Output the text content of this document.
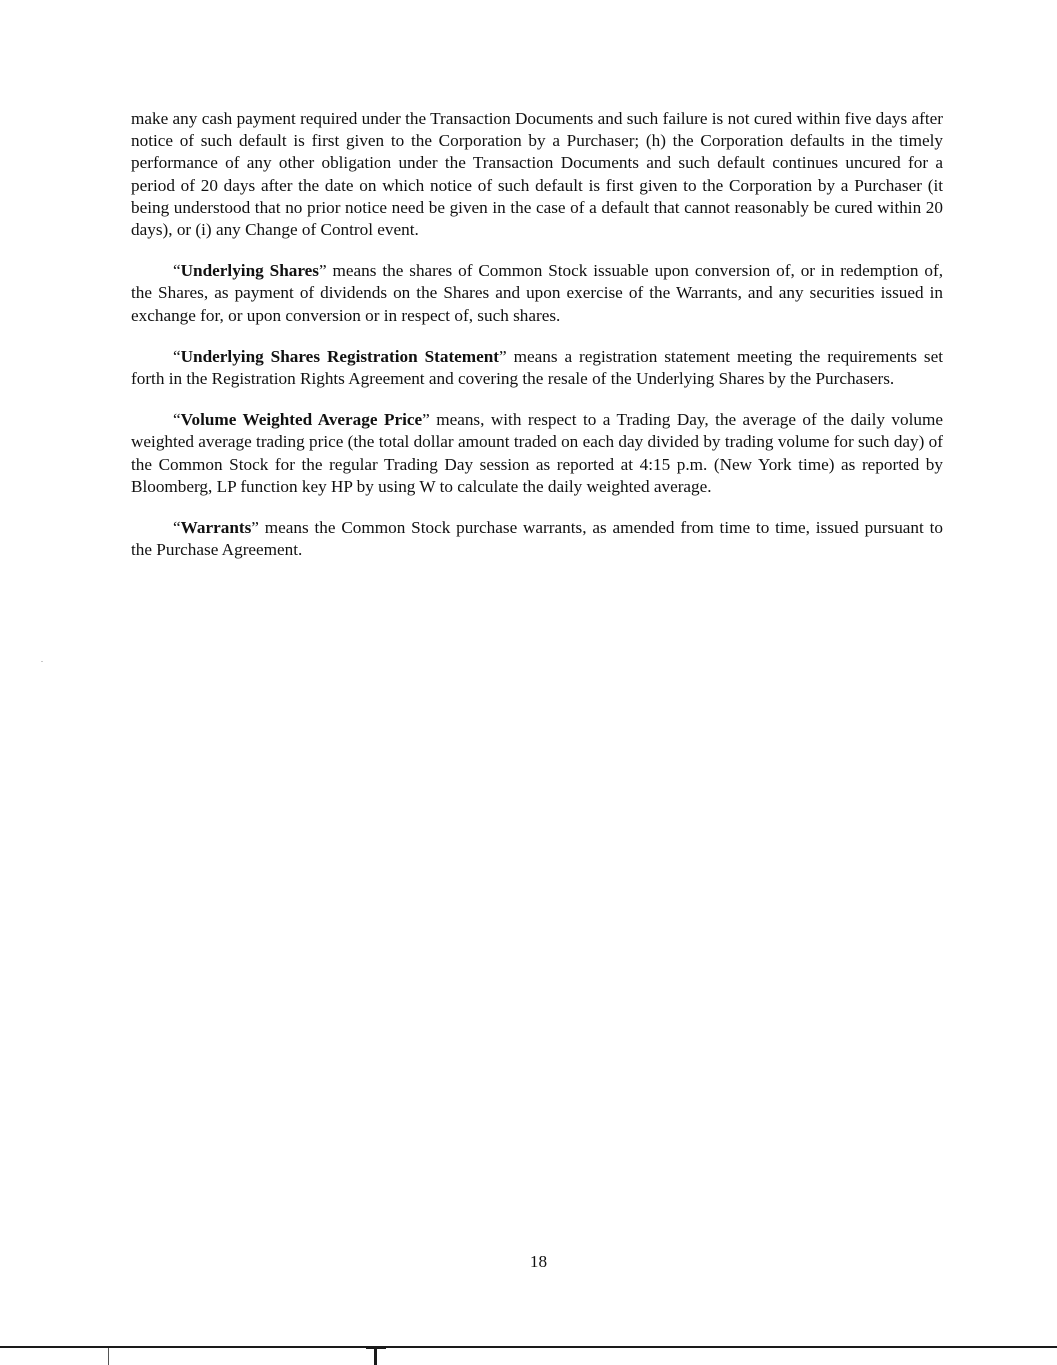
make any cash payment required under the Transaction Documents and such failure is not cured within five days after notice of such default is first given to the Corporation by a Purchaser; (h) the Corporation defaults in the timely performance of any other obligation under the Transaction Documents and such default continues uncured for a period of 20 days after the date on which notice of such default is first given to the Corporation by a Purchaser (it being understood that no prior notice need be given in the case of a default that cannot reasonably be cured within 20 days), or (i) any Change of Control event.

“Underlying Shares” means the shares of Common Stock issuable upon conversion of, or in redemption of, the Shares, as payment of dividends on the Shares and upon exercise of the Warrants, and any securities issued in exchange for, or upon conversion or in respect of, such shares.

“Underlying Shares Registration Statement” means a registration statement meeting the requirements set forth in the Registration Rights Agreement and covering the resale of the Underlying Shares by the Purchasers.

“Volume Weighted Average Price” means, with respect to a Trading Day, the average of the daily volume weighted average trading price (the total dollar amount traded on each day divided by trading volume for such day) of the Common Stock for the regular Trading Day session as reported at 4:15 p.m. (New York time) as reported by Bloomberg, LP function key HP by using W to calculate the daily weighted average.

“Warrants” means the Common Stock purchase warrants, as amended from time to time, issued pursuant to the Purchase Agreement.

18
